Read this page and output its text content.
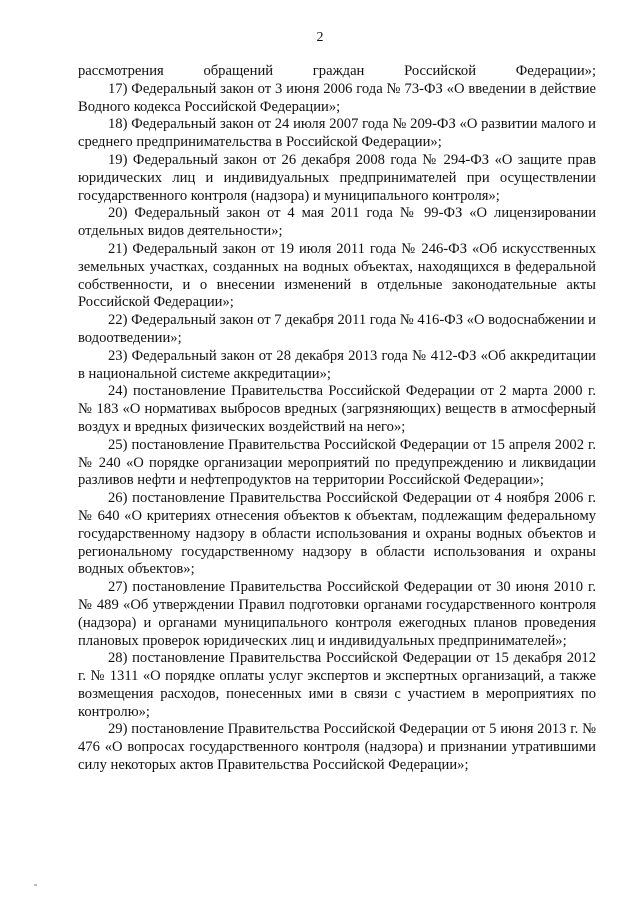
2

рассмотрения обращений граждан Российской Федерации»;

17) Федеральный закон от 3 июня 2006 года № 73-ФЗ «О введении в действие Водного кодекса Российской Федерации»;

18) Федеральный закон от 24 июля 2007 года № 209-ФЗ «О развитии малого и среднего предпринимательства в Российской Федерации»;

19) Федеральный закон от 26 декабря 2008 года № 294-ФЗ «О защите прав юридических лиц и индивидуальных предпринимателей при осуществлении государственного контроля (надзора) и муниципального контроля»;

20) Федеральный закон от 4 мая 2011 года № 99-ФЗ «О лицензировании отдельных видов деятельности»;

21) Федеральный закон от 19 июля 2011 года № 246-ФЗ «Об искусственных земельных участках, созданных на водных объектах, находящихся в федеральной собственности, и о внесении изменений в отдельные законодательные акты Российской Федерации»;

22) Федеральный закон от 7 декабря 2011 года № 416-ФЗ «О водоснабжении и водоотведении»;

23) Федеральный закон от 28 декабря 2013 года № 412-ФЗ «Об аккредитации в национальной системе аккредитации»;

24) постановление Правительства Российской Федерации от 2 марта 2000 г. № 183 «О нормативах выбросов вредных (загрязняющих) веществ в атмосферный воздух и вредных физических воздействий на него»;

25) постановление Правительства Российской Федерации от 15 апреля 2002 г. № 240 «О порядке организации мероприятий по предупреждению и ликвидации разливов нефти и нефтепродуктов на территории Российской Федерации»;

26) постановление Правительства Российской Федерации от 4 ноября 2006 г. № 640 «О критериях отнесения объектов к объектам, подлежащим федеральному государственному надзору в области использования и охраны водных объектов и региональному государственному надзору в области использования и охраны водных объектов»;

27) постановление Правительства Российской Федерации от 30 июня 2010 г. № 489 «Об утверждении Правил подготовки органами государственного контроля (надзора) и органами муниципального контроля ежегодных планов проведения плановых проверок юридических лиц и индивидуальных предпринимателей»;

28) постановление Правительства Российской Федерации от 15 декабря 2012 г. № 1311 «О порядке оплаты услуг экспертов и экспертных организаций, а также возмещения расходов, понесенных ими в связи с участием в мероприятиях по контролю»;

29) постановление Правительства Российской Федерации от 5 июня 2013 г. № 476 «О вопросах государственного контроля (надзора) и признании утратившими силу некоторых актов Правительства Российской Федерации»;
